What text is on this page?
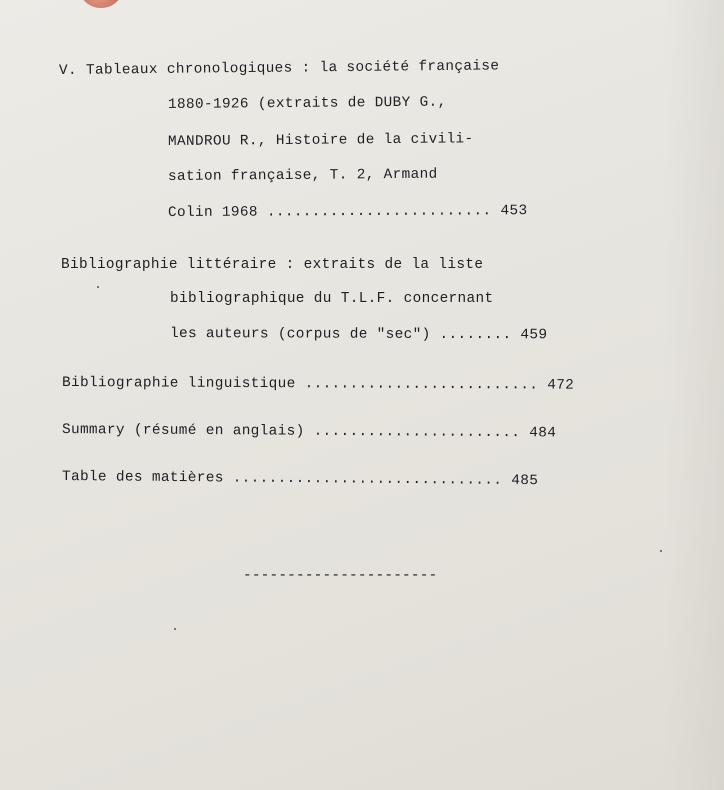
V. Tableaux chronologiques : la société française
1880-1926 (extraits de DUBY G.,
MANDROU R., Histoire de la civili-
sation française, T. 2, Armand
Colin 1968 ......................... 453
Bibliographie littéraire : extraits de la liste
bibliographique du T.L.F. concernant
les auteurs (corpus de "sec") ........ 459
Bibliographie linguistique .......................... 472
Summary (résumé en anglais) ....................... 484
Table des matières .............................. 485
----------------------
